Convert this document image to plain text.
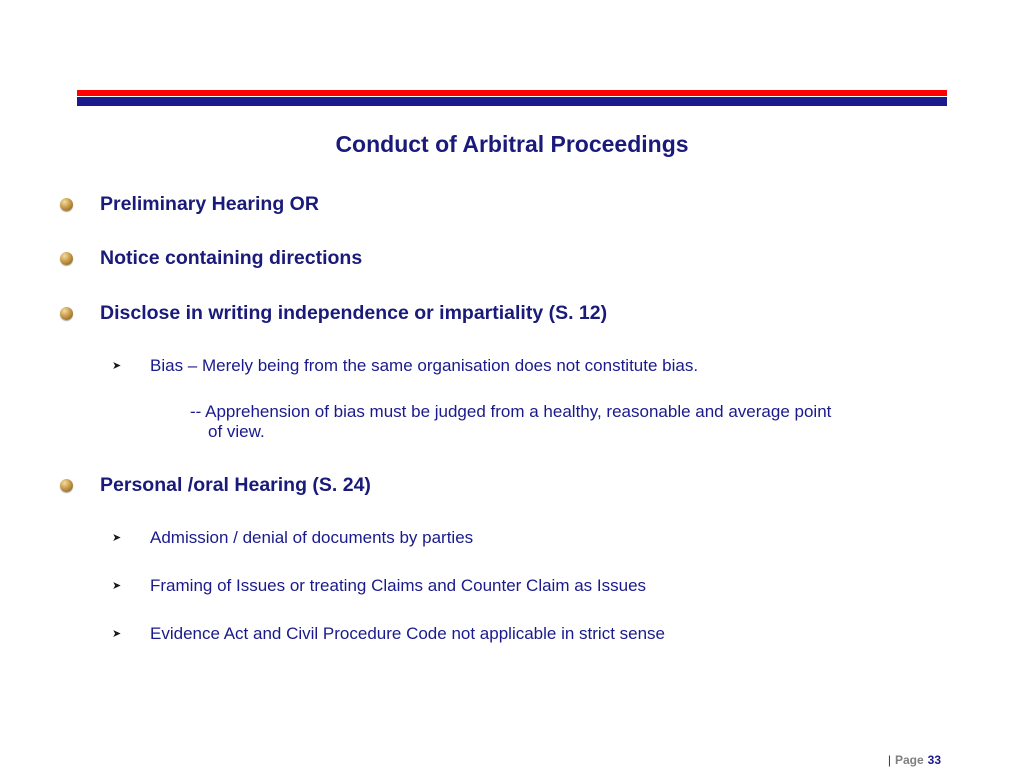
Conduct of Arbitral Proceedings
Preliminary Hearing OR
Notice containing directions
Disclose in writing independence or impartiality (S. 12)
➤ Bias – Merely being from the same organisation does not constitute bias.
-- Apprehension of bias must be judged from a healthy, reasonable and average point
of view.
Personal /oral Hearing (S. 24)
➤ Admission / denial of documents by parties
➤ Framing of Issues or treating Claims and Counter Claim as Issues
➤ Evidence Act and Civil Procedure Code not applicable in strict sense
| Page 33
